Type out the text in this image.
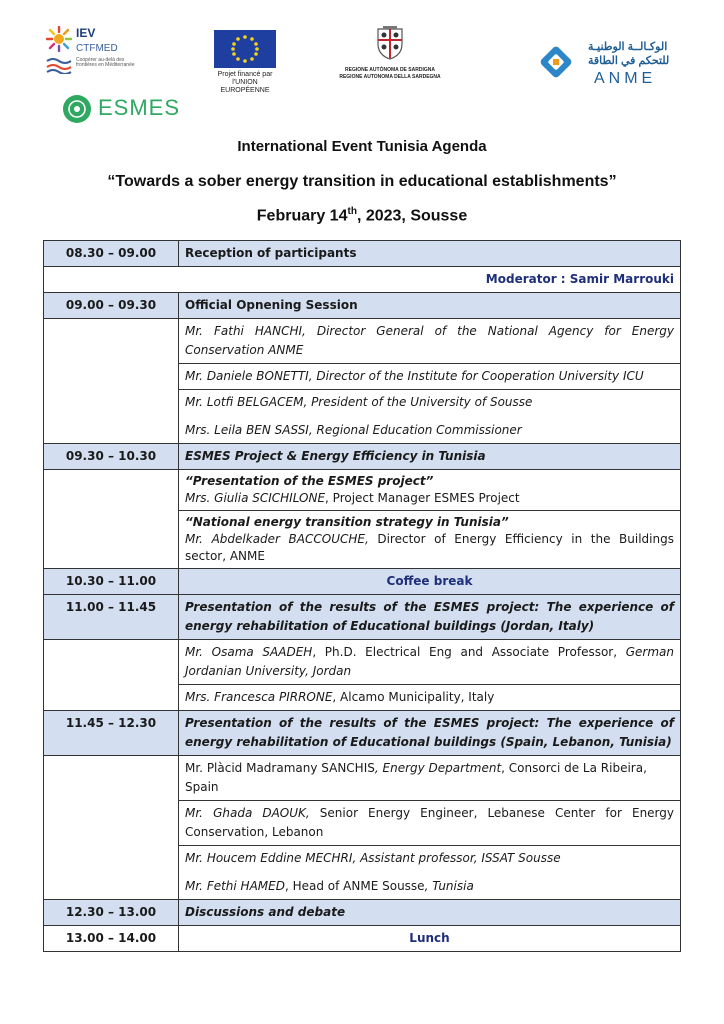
IEV
CTFMED
Coopérer au-delà des frontières en Méditerranée
Projet financé par
l'UNION EUROPÉENNE
REGIONE AUTÒNOMA DE SARDIGNA
REGIONE AUTONOMA DELLA SARDEGNA
الوكـالــة الوطنيـة
للتحكم في الطاقة
ANME
ESMES
International Event Tunisia Agenda
“Towards a sober energy transition in educational establishments”
February 14th, 2023, Sousse
08.30 – 09.00	Reception of participants
Moderator : Samir Marrouki	
09.00 – 09.30	Official Opnening Session
	Mr. Fathi HANCHI, Director General of the National Agency for Energy Conservation ANME
	Mr. Daniele BONETTI, Director of the Institute for Cooperation University ICU

	Mr. Lotfi BELGACEM, President of the University of Sousse
Mrs. Leila BEN SASSI, Regional Education Commissioner

09.30 – 10.30	ESMES Project & Energy Efficiency in Tunisia

	“Presentation of the ESMES project”
Mrs. Giulia SCICHILONE, Project Manager ESMES Project

	“National energy transition strategy in Tunisia”
Mr. Abdelkader BACCOUCHE, Director of Energy Efficiency in the Buildings sector, ANME
10.30 – 11.00	Coffee break
11.00 – 11.45	Presentation of the results of the ESMES project: The experience of energy rehabilitation of Educational buildings (Jordan, Italy)
	Mr. Osama SAADEH, Ph.D. Electrical Eng and Associate Professor, German Jordanian University, Jordan
	Mrs. Francesca PIRRONE, Alcamo Municipality, Italy
11.45 – 12.30	Presentation of the results of the ESMES project: The experience of energy rehabilitation of Educational buildings (Spain, Lebanon, Tunisia)
	Mr. Plàcid Madramany SANCHIS, Energy Department, Consorci de La Ribeira, Spain
	Mr. Ghada DAOUK, Senior Energy Engineer, Lebanese Center for Energy Conservation, Lebanon

	Mr. Houcem Eddine MECHRI, Assistant professor, ISSAT Sousse
Mr. Fethi HAMED, Head of ANME Sousse, Tunisia

12.30 – 13.00	Discussions and debate
13.00 – 14.00	Lunch
